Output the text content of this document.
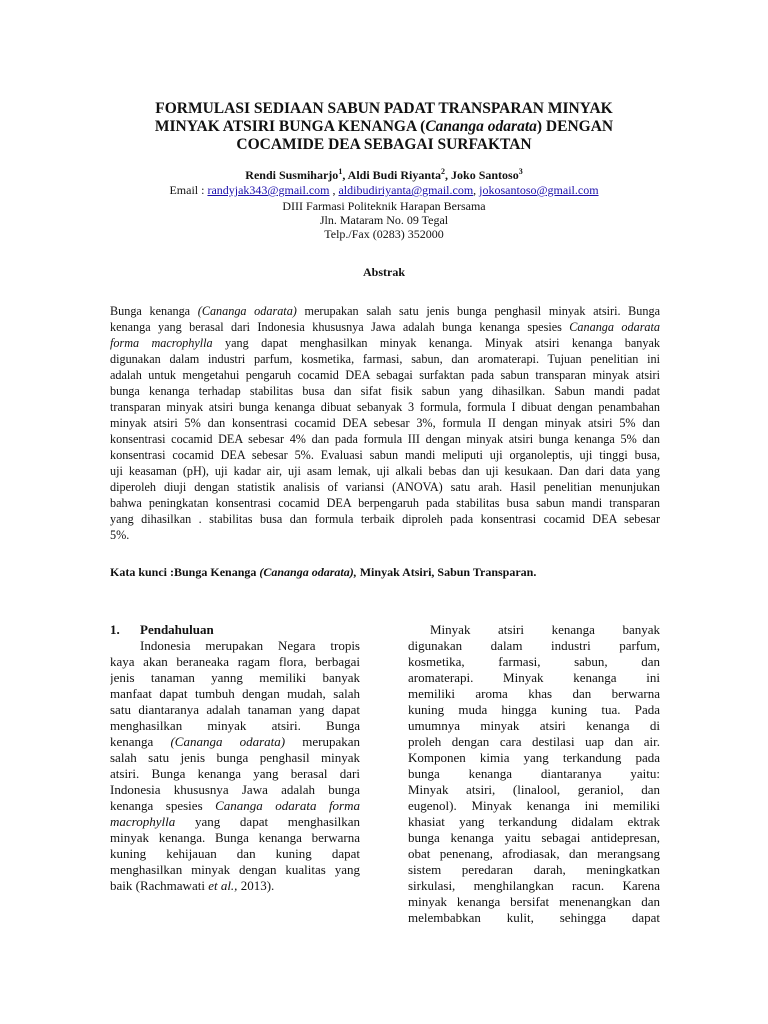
FORMULASI SEDIAAN SABUN PADAT TRANSPARAN MINYAK
MINYAK ATSIRI BUNGA KENANGA (Cananga odarata) DENGAN
COCAMIDE DEA SEBAGAI SURFAKTAN
Rendi Susmiharjo$^1$, Aldi Budi Riyanta$^2$, Joko Santoso$^3$
Email : randyjak343@gmail.com , aldibudiriyanta@gmail.com, jokosantoso@gmail.com
DIII Farmasi Politeknik Harapan Bersama
Jln. Mataram No. 09 Tegal
Telp./Fax (0283) 352000
Abstrak
Bunga kenanga (Cananga odarata) merupakan salah satu jenis bunga penghasil minyak atsiri. Bunga
kenanga yang berasal dari Indonesia khususnya Jawa adalah bunga kenanga spesies Cananga odarata
forma macrophylla yang dapat menghasilkan minyak kenanga. Minyak atsiri kenanga banyak
digunakan dalam industri parfum, kosmetika, farmasi, sabun, dan aromaterapi. Tujuan penelitian ini
adalah untuk mengetahui pengaruh cocamid DEA sebagai surfaktan pada sabun transparan minyak atsiri
bunga kenanga terhadap stabilitas busa dan sifat fisik sabun yang dihasilkan. Sabun mandi padat
transparan minyak atsiri bunga kenanga dibuat sebanyak 3 formula, formula I dibuat dengan penambahan
minyak atsiri 5% dan konsentrasi cocamid DEA sebesar 3%, formula II dengan minyak atsiri 5% dan
konsentrasi cocamid DEA sebesar 4% dan pada formula III dengan minyak atsiri bunga kenanga 5% dan
konsentrasi cocamid DEA sebesar 5%. Evaluasi sabun mandi meliputi uji organoleptis, uji tinggi busa,
uji keasaman (pH), uji kadar air, uji asam lemak, uji alkali bebas dan uji kesukaan. Dan dari data yang
diperoleh diuji dengan statistik analisis of variansi (ANOVA) satu arah. Hasil penelitian menunjukan
bahwa peningkatan konsentrasi cocamid DEA berpengaruh pada stabilitas busa sabun mandi transparan
yang dihasilkan . stabilitas busa dan formula terbaik diproleh pada konsentrasi cocamid DEA sebesar
5%.
Kata kunci :Bunga Kenanga (Cananga odarata), Minyak Atsiri, Sabun Transparan.
1.	Pendahuluan
Indonesia merupakan Negara tropis
kaya akan beraneaka ragam flora, berbagai
jenis tanaman yanng memiliki banyak
manfaat dapat tumbuh dengan mudah, salah
satu diantaranya adalah tanaman yang dapat
menghasilkan minyak atsiri. Bunga
kenanga (Cananga odarata) merupakan
salah satu jenis bunga penghasil minyak
atsiri. Bunga kenanga yang berasal dari
Indonesia khususnya Jawa adalah bunga
kenanga spesies Cananga odarata forma
macrophylla yang dapat menghasilkan
minyak kenanga. Bunga kenanga berwarna
kuning kehijauan dan kuning dapat
menghasilkan minyak dengan kualitas yang
baik (Rachmawati et al., 2013).
Minyak atsiri kenanga banyak
digunakan dalam industri parfum,
kosmetika, farmasi, sabun, dan
aromaterapi. Minyak kenanga ini
memiliki aroma khas dan berwarna
kuning muda hingga kuning tua. Pada
umumnya minyak atsiri kenanga di
proleh dengan cara destilasi uap dan air.
Komponen kimia yang terkandung pada
bunga kenanga diantaranya yaitu:
Minyak atsiri, (linalool, geraniol, dan
eugenol). Minyak kenanga ini memiliki
khasiat yang terkandung didalam ektrak
bunga kenanga yaitu sebagai antidepresan,
obat penenang, afrodiasak, dan merangsang
sistem peredaran darah, meningkatkan
sirkulasi, menghilangkan racun. Karena
minyak kenanga bersifat menenangkan dan
melembabkan kulit, sehingga dapat
